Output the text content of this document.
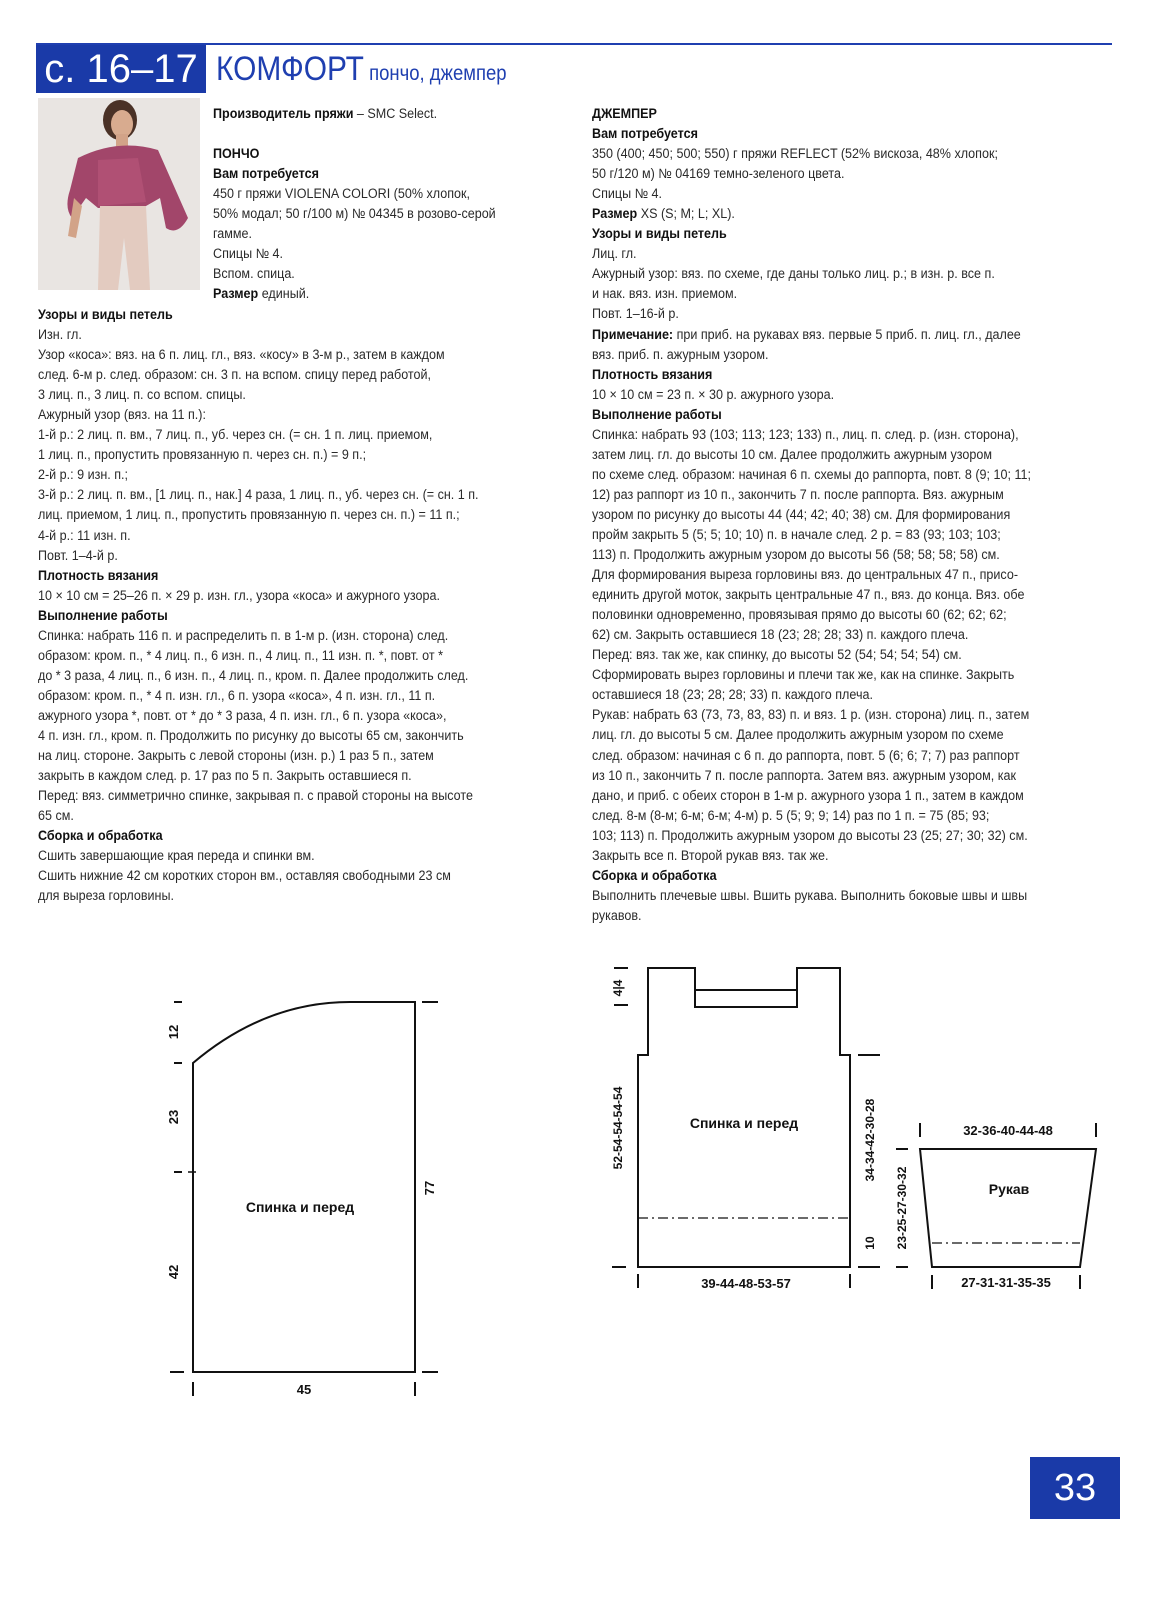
с. 16–17 КОМФОРТ пончо, джемпер
Производитель пряжи – SMC Select.
ПОНЧО
Вам потребуется
450 г пряжи VIOLENA COLORI (50% хлопок,
50% модал; 50 г/100 м) № 04345 в розово-серой
гамме.
Спицы № 4.
Вспом. спица.
Размер единый.
Узоры и виды петель
Изн. гл.
Узор «коса»: вяз. на 6 п. лиц. гл., вяз. «косу» в 3-м р., затем в каждом
след. 6-м р. след. образом: сн. 3 п. на вспом. спицу перед работой,
3 лиц. п., 3 лиц. п. со вспом. спицы.
Ажурный узор (вяз. на 11 п.):
1-й р.: 2 лиц. п. вм., 7 лиц. п., уб. через сн. (= сн. 1 п. лиц. приемом,
1 лиц. п., пропустить провязанную п. через сн. п.) = 9 п.;
2-й р.: 9 изн. п.;
3-й р.: 2 лиц. п. вм., [1 лиц. п., нак.] 4 раза, 1 лиц. п., уб. через сн. (= сн. 1 п.
лиц. приемом, 1 лиц. п., пропустить провязанную п. через сн. п.) = 11 п.;
4-й р.: 11 изн. п.
Повт. 1–4-й р.
Плотность вязания
10 × 10 см = 25–26 п. × 29 р. изн. гл., узора «коса» и ажурного узора.
Выполнение работы
Спинка: набрать 116 п. и распределить п. в 1-м р. (изн. сторона) след.
образом: кром. п., * 4 лиц. п., 6 изн. п., 4 лиц. п., 11 изн. п. *, повт. от *
до * 3 раза, 4 лиц. п., 6 изн. п., 4 лиц. п., кром. п. Далее продолжить след.
образом: кром. п., * 4 п. изн. гл., 6 п. узора «коса», 4 п. изн. гл., 11 п.
ажурного узора *, повт. от * до * 3 раза, 4 п. изн. гл., 6 п. узора «коса»,
4 п. изн. гл., кром. п. Продолжить по рисунку до высоты 65 см, закончить
на лиц. стороне. Закрыть с левой стороны (изн. р.) 1 раз 5 п., затем
закрыть в каждом след. р. 17 раз по 5 п. Закрыть оставшиеся п.
Перед: вяз. симметрично спинке, закрывая п. с правой стороны на высоте
65 см.
Сборка и обработка
Сшить завершающие края переда и спинки вм.
Сшить нижние 42 см коротких сторон вм., оставляя свободными 23 см
для выреза горловины.
ДЖЕМПЕР
Вам потребуется
350 (400; 450; 500; 550) г пряжи REFLECT (52% вискоза, 48% хлопок;
50 г/120 м) № 04169 темно-зеленого цвета.
Спицы № 4.
Размер XS (S; M; L; XL).
Узоры и виды петель
Лиц. гл.
Ажурный узор: вяз. по схеме, где даны только лиц. р.; в изн. р. все п.
и нак. вяз. изн. приемом.
Повт. 1–16-й р.
Примечание: при приб. на рукавах вяз. первые 5 приб. п. лиц. гл., далее
вяз. приб. п. ажурным узором.
Плотность вязания
10 × 10 см = 23 п. × 30 р. ажурного узора.
Выполнение работы
Спинка: набрать 93 (103; 113; 123; 133) п., лиц. п. след. р. (изн. сторона),
затем лиц. гл. до высоты 10 см. Далее продолжить ажурным узором
по схеме след. образом: начиная 6 п. схемы до раппорта, повт. 8 (9; 10; 11;
12) раз раппорт из 10 п., закончить 7 п. после раппорта. Вяз. ажурным
узором по рисунку до высоты 44 (44; 42; 40; 38) см. Для формирования
пройм закрыть 5 (5; 5; 10; 10) п. в начале след. 2 р. = 83 (93; 103; 103;
113) п. Продолжить ажурным узором до высоты 56 (58; 58; 58; 58) см.
Для формирования выреза горловины вяз. до центральных 47 п., присо-
единить другой моток, закрыть центральные 47 п., вяз. до конца. Вяз. обе
половинки одновременно, провязывая прямо до высоты 60 (62; 62; 62;
62) см. Закрыть оставшиеся 18 (23; 28; 28; 33) п. каждого плеча.
Перед: вяз. так же, как спинку, до высоты 52 (54; 54; 54; 54) см.
Сформировать вырез горловины и плечи так же, как на спинке. Закрыть
оставшиеся 18 (23; 28; 28; 33) п. каждого плеча.
Рукав: набрать 63 (73, 73, 83, 83) п. и вяз. 1 р. (изн. сторона) лиц. п., затем
лиц. гл. до высоты 5 см. Далее продолжить ажурным узором по схеме
след. образом: начиная с 6 п. до раппорта, повт. 5 (6; 6; 7; 7) раз раппорт
из 10 п., закончить 7 п. после раппорта. Затем вяз. ажурным узором, как
дано, и приб. с обеих сторон в 1-м р. ажурного узора 1 п., затем в каждом
след. 8-м (8-м; 6-м; 6-м; 4-м) р. 5 (5; 9; 9; 14) раз по 1 п. = 75 (85; 93;
103; 113) п. Продолжить ажурным узором до высоты 23 (25; 27; 30; 32) см.
Закрыть все п. Второй рукав вяз. так же.
Сборка и обработка
Выполнить плечевые швы. Вшить рукава. Выполнить боковые швы и швы
рукавов.
12
23
42
77
45
Спинка и перед
4|4
52-54-54-54-54	34-34-42-30-28
10
39-44-48-53-57
Спинка и перед	32-36-40-44-48
23-25-27-30-32
27-31-31-35-35
Рукав
33
